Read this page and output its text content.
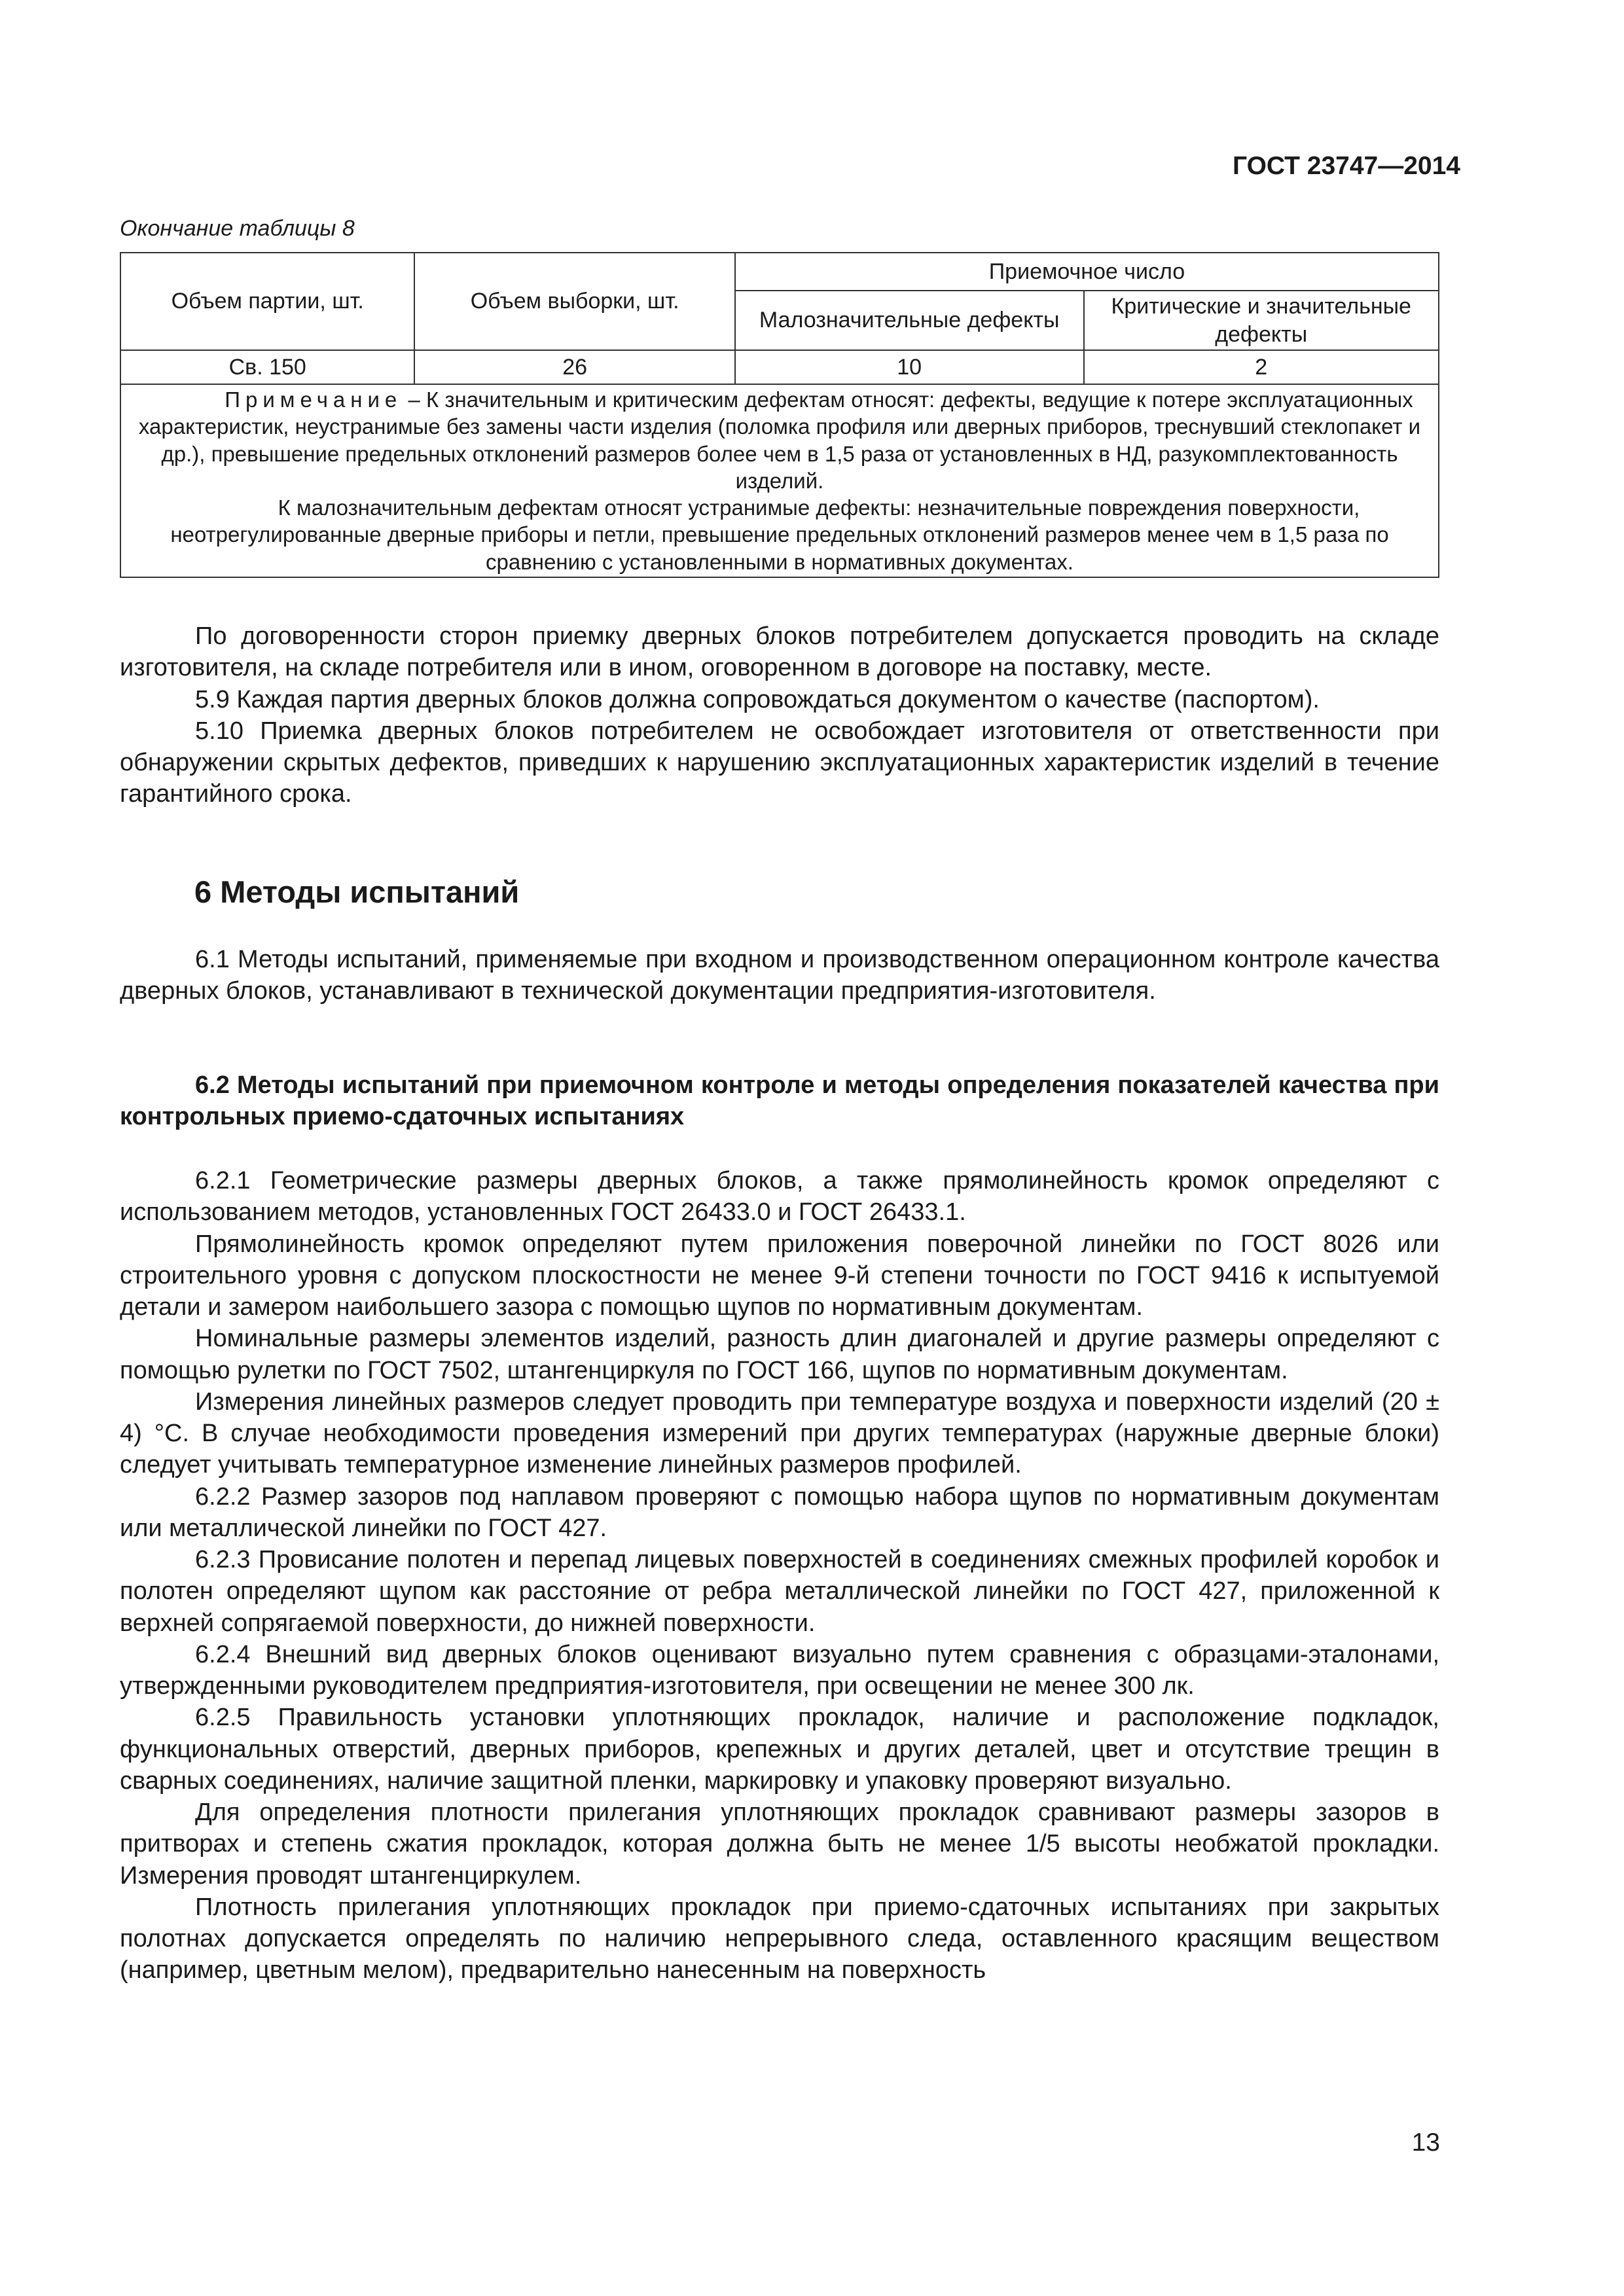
ГОСТ 23747—2014
Окончание таблицы 8
Объем партии, шт.	Объем выборки, шт.	Приемочное число	
		Малозначительные дефекты	Критические и значительные дефекты
Св. 150	26	10	2

Примечание – К значительным и критическим дефектам относят: дефекты, ведущие к потере эксплуатационных характеристик, неустранимые без замены части изделия (поломка профиля или дверных приборов, треснувший стеклопакет и др.), превышение предельных отклонений размеров более чем в 1,5 раза от установленных в НД, разукомплектованность изделий.

К малозначительным дефектам относят устранимые дефекты: незначительные повреждения поверхности, неотрегулированные дверные приборы и петли, превышение предельных отклонений размеров менее чем в 1,5 раза по сравнению с установленными в нормативных документах.			

По договоренности сторон приемку дверных блоков потребителем допускается проводить на складе изготовителя, на складе потребителя или в ином, оговоренном в договоре на поставку, месте.

5.9 Каждая партия дверных блоков должна сопровождаться документом о качестве (паспортом).

5.10 Приемка дверных блоков потребителем не освобождает изготовителя от ответственности при обнаружении скрытых дефектов, приведших к нарушению эксплуатационных характеристик изделий в течение гарантийного срока.

6 Методы испытаний

6.1 Методы испытаний, применяемые при входном и производственном операционном контроле качества дверных блоков, устанавливают в технической документации предприятия-изготовителя.

6.2 Методы испытаний при приемочном контроле и методы определения показателей качества при контрольных приемо-сдаточных испытаниях

6.2.1 Геометрические размеры дверных блоков, а также прямолинейность кромок определяют с использованием методов, установленных ГОСТ 26433.0 и ГОСТ 26433.1.

Прямолинейность кромок определяют путем приложения поверочной линейки по ГОСТ 8026 или строительного уровня с допуском плоскостности не менее 9-й степени точности по ГОСТ 9416 к испытуемой детали и замером наибольшего зазора с помощью щупов по нормативным документам.

Номинальные размеры элементов изделий, разность длин диагоналей и другие размеры определяют с помощью рулетки по ГОСТ 7502, штангенциркуля по ГОСТ 166, щупов по нормативным документам.

Измерения линейных размеров следует проводить при температуре воздуха и поверхности изделий (20 ± 4) °С. В случае необходимости проведения измерений при других температурах (наружные дверные блоки) следует учитывать температурное изменение линейных размеров профилей.

6.2.2 Размер зазоров под наплавом проверяют с помощью набора щупов по нормативным документам или металлической линейки по ГОСТ 427.

6.2.3 Провисание полотен и перепад лицевых поверхностей в соединениях смежных профилей коробок и полотен определяют щупом как расстояние от ребра металлической линейки по ГОСТ 427, приложенной к верхней сопрягаемой поверхности, до нижней поверхности.

6.2.4 Внешний вид дверных блоков оценивают визуально путем сравнения с образцами-эталонами, утвержденными руководителем предприятия-изготовителя, при освещении не менее 300 лк.

6.2.5 Правильность установки уплотняющих прокладок, наличие и расположение подкладок, функциональных отверстий, дверных приборов, крепежных и других деталей, цвет и отсутствие трещин в сварных соединениях, наличие защитной пленки, маркировку и упаковку проверяют визуально.

Для определения плотности прилегания уплотняющих прокладок сравнивают размеры зазоров в притворах и степень сжатия прокладок, которая должна быть не менее 1/5 высоты необжатой прокладки. Измерения проводят штангенциркулем.

Плотность прилегания уплотняющих прокладок при приемо-сдаточных испытаниях при закрытых полотнах допускается определять по наличию непрерывного следа, оставленного красящим веществом (например, цветным мелом), предварительно нанесенным на поверхность

13
